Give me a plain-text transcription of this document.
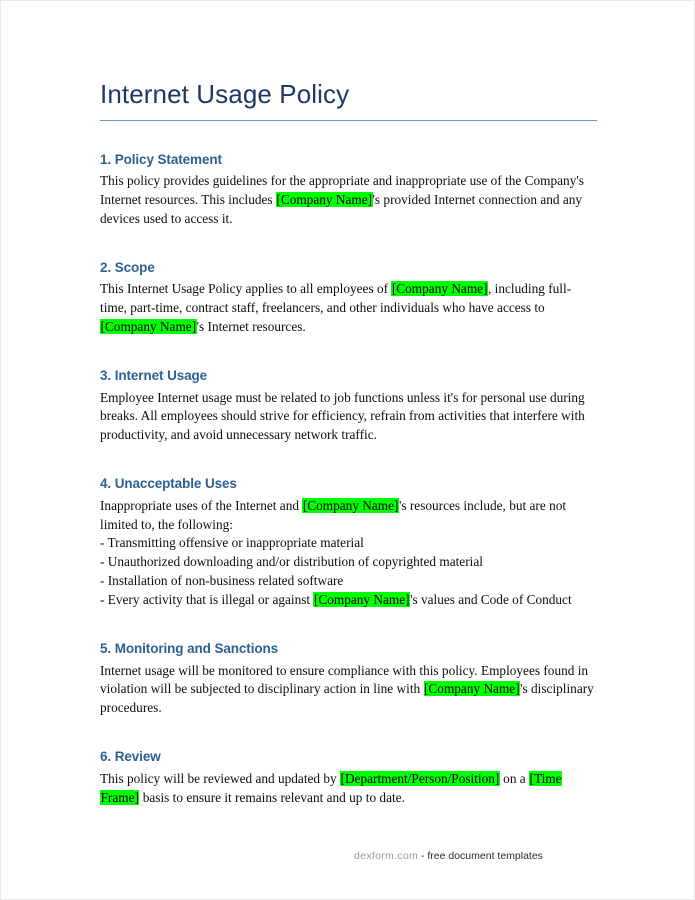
Internet Usage Policy
1. Policy Statement

This policy provides guidelines for the appropriate and inappropriate use of the Company's Internet resources. This includes [Company Name]'s provided Internet connection and any devices used to access it.

2. Scope

This Internet Usage Policy applies to all employees of [Company Name], including full-time, part-time, contract staff, freelancers, and other individuals who have access to [Company Name]'s Internet resources.

3. Internet Usage

Employee Internet usage must be related to job functions unless it's for personal use during breaks. All employees should strive for efficiency, refrain from activities that interfere with productivity, and avoid unnecessary network traffic.

4. Unacceptable Uses

Inappropriate uses of the Internet and [Company Name]'s resources include, but are not limited to, the following:

- Transmitting offensive or inappropriate material
- Unauthorized downloading and/or distribution of copyrighted material
- Installation of non-business related software
- Every activity that is illegal or against [Company Name]'s values and Code of Conduct
5. Monitoring and Sanctions

Internet usage will be monitored to ensure compliance with this policy. Employees found in violation will be subjected to disciplinary action in line with [Company Name]'s disciplinary procedures.

6. Review

This policy will be reviewed and updated by [Department/Person/Position] on a [Time Frame] basis to ensure it remains relevant and up to date.

dexform.com - free document templates
